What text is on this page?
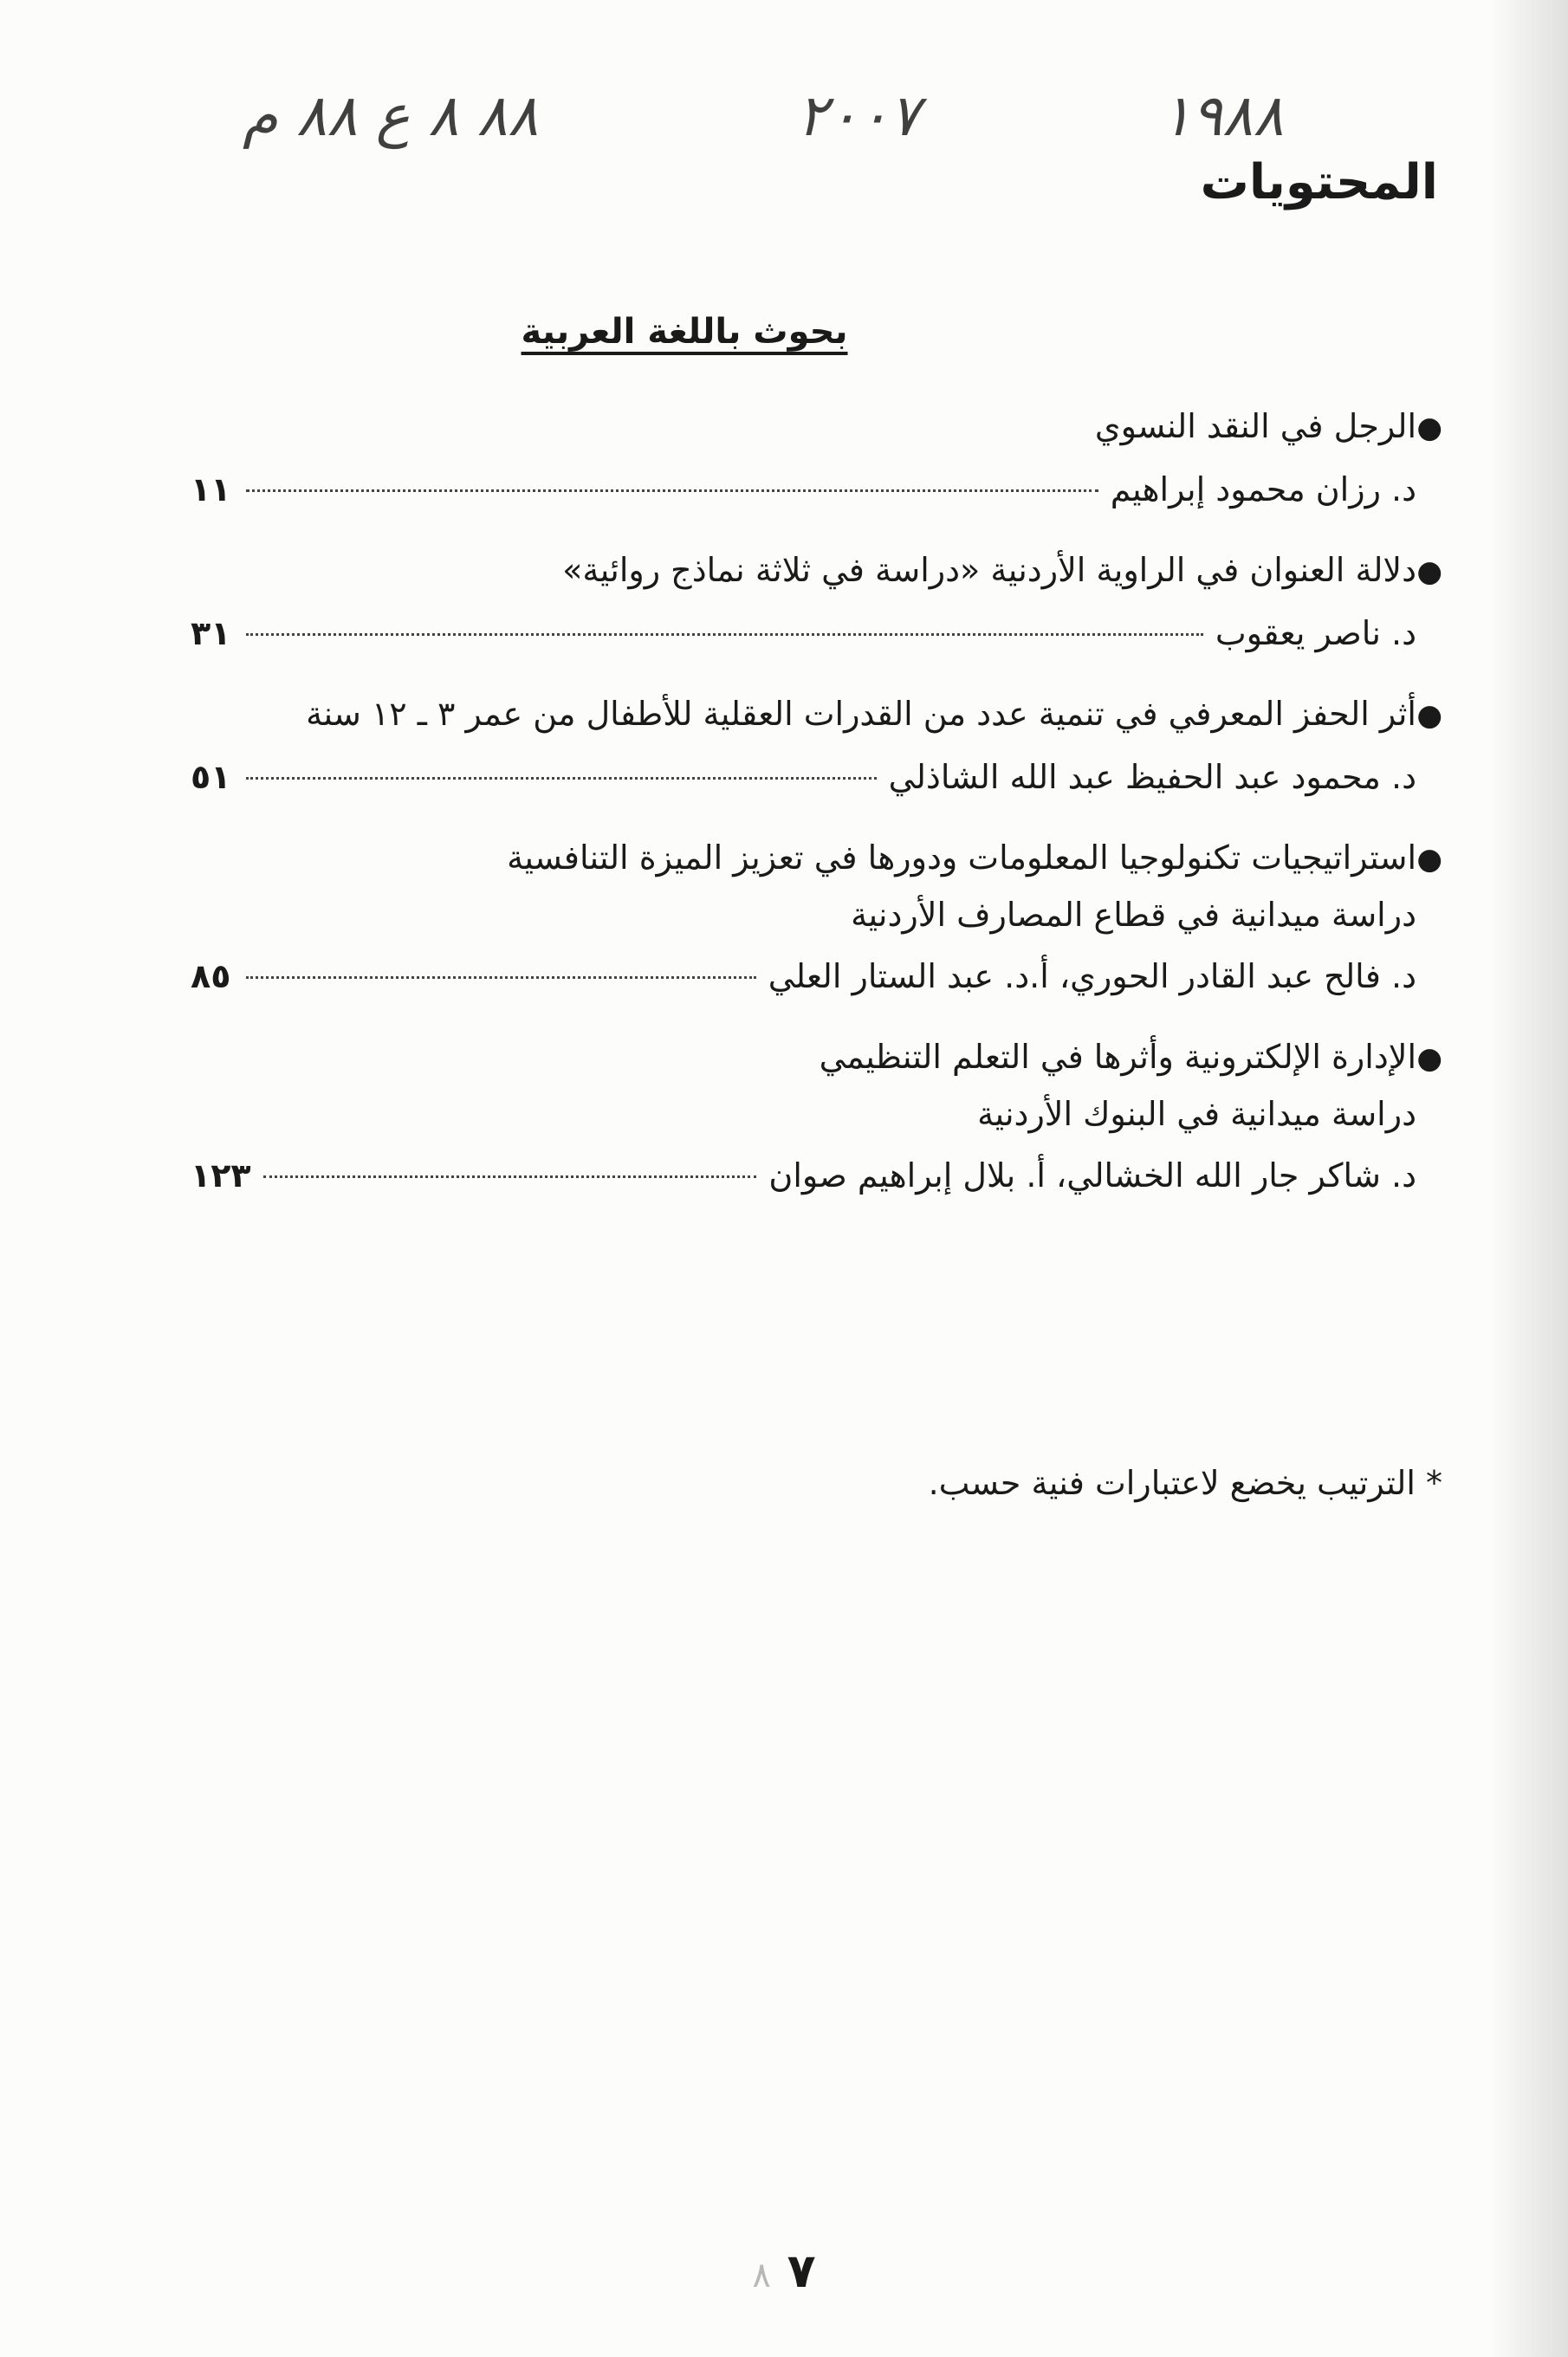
٨٨ ٨ ع ٨٨ م	٢٠٠٧	١٩٨٨
المحتويات
بحوث باللغة العربية
●
الرجل في النقد النسوي
د. رزان محمود إبراهيم
١١
●
دلالة العنوان في الراوية الأردنية «دراسة في ثلاثة نماذج روائية»
د. ناصر يعقوب
٣١
●
أثر الحفز المعرفي في تنمية عدد من القدرات العقلية للأطفال من عمر ٣ ـ ١٢ سنة
د. محمود عبد الحفيظ عبد الله الشاذلي
٥١
●
استراتيجيات تكنولوجيا المعلومات ودورها في تعزيز الميزة التنافسية
دراسة ميدانية في قطاع المصارف الأردنية
د. فالح عبد القادر الحوري، أ.د. عبد الستار العلي
٨٥
●
الإدارة الإلكترونية وأثرها في التعلم التنظيمي
دراسة ميدانية في البنوك الأردنية
د. شاكر جار الله الخشالي، أ. بلال إبراهيم صوان
١٢٣
* الترتيب يخضع لاعتبارات فنية حسب.
٧ ٨
